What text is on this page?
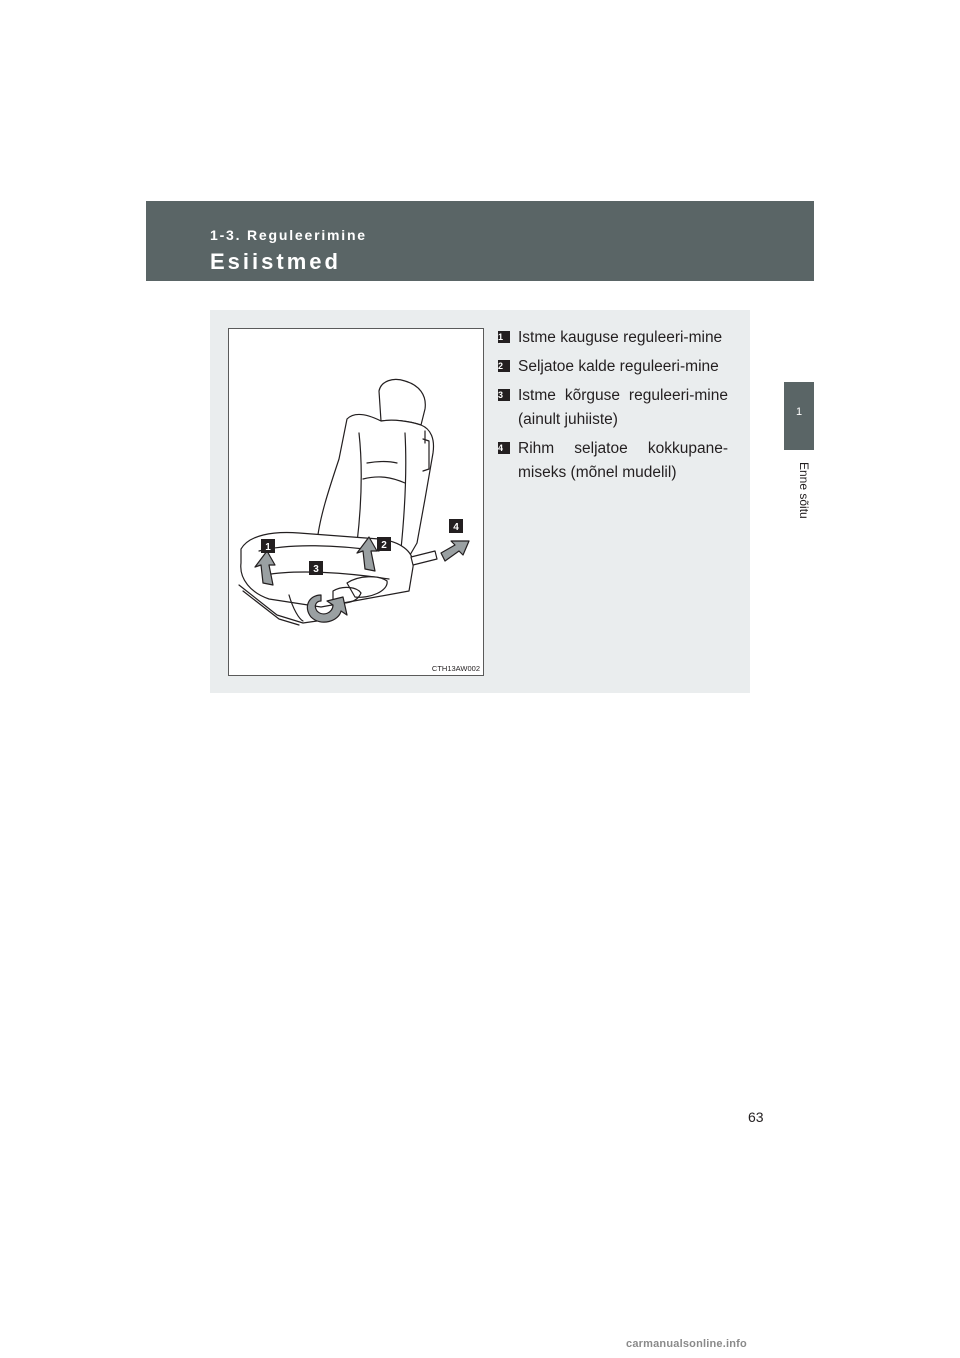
1-3. Reguleerimine
Esiistmed
1
Enne sõitu
1	2
3
4
CTH13AW002
1 Istme kauguse reguleeri-mine
2 Seljatoe kalde reguleeri-mine
3 Istme kõrguse reguleeri-mine (ainult juhiiste)
4 Rihm seljatoe kokkupane-miseks (mõnel mudelil)
63
carmanualsonline.info
